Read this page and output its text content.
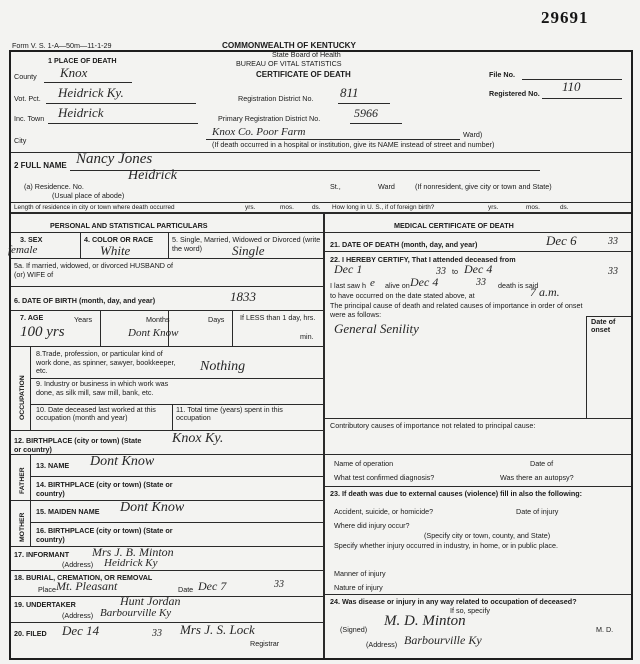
29691
Form V. S. 1-A—50m—11-1-29	COMMONWEALTH OF KENTUCKY
State Board of Health
BUREAU OF VITAL STATISTICS
CERTIFICATE OF DEATH
1 PLACE OF DEATH
County Knox
Vot. Pct. Heidrick Ky.
Inc. Town Heidrick
City
Registration District No. 811
Primary Registration District No.	5966
File No.
Registered No. 110
Knox Co. Poor Farm	Ward)
(If death occurred in a hospital or institution, give its NAME instead of street and number)
2 FULL NAME Nancy Jones
(a) Residence. No.
Heidrick
St.,	Ward	(If nonresident, give city or town and State)
(Usual place of abode)
Length of residence in city or town where death occurred	yrs.	mos.	ds. How long in U. S., if of foreign birth?	yrs.	mos.	ds.
PERSONAL AND STATISTICAL PARTICULARS	MEDICAL CERTIFICATE OF DEATH
3. SEX
female
4. COLOR OR RACE
White
5. Single, Married, Widowed or Divorced (write the word)	Single
5a. If married, widowed, or divorced HUSBAND of (or) WIFE of
6. DATE OF BIRTH (month, day, and year)	1833
7. AGE	Years	Months	Days If LESS than 1 day, hrs.
min.
100 yrs	Dont Know
OCCUPATION
8.Trade, profession, or particular kind of work done, as spinner, sawyer, bookkeeper, etc.	Nothing
9. Industry or business in which work was done, as silk mill, saw mill, bank, etc.
10. Date deceased last worked at this occupation (month and year)
11. Total time (years) spent in this occupation
12. BIRTHPLACE (city or town) (State or country)
Knox Ky.
FATHER
13. NAME Dont Know
14. BIRTHPLACE (city or town) (State or country)
MOTHER
15. MAIDEN NAME Dont Know
16. BIRTHPLACE (city or town) (State or country)
17. INFORMANT Mrs J. B. Minton
(Address) Heidrick Ky
18. BURIAL, CREMATION, OR REMOVAL
Place Mt. Pleasant	Date Dec 7	33
19. UNDERTAKER	Hunt Jordan
(Address) Barbourville Ky
20. FILED Dec 14	33 Mrs J. S. Lock
Registrar
21. DATE OF DEATH (month, day, and year)	Dec 6	33
22. I HEREBY CERTIFY, That I attended deceased from
Dec 1	to
33 Dec 4	33
I last saw h e alive on Dec 4	33 death is said
to have occurred on the date stated above, at	7 a.m.
The principal cause of death and related causes of importance in order of onset were as follows:
Date of onset
General Senility
Contributory causes of importance not related to principal cause:
Name of operation	Date of
What test confirmed diagnosis?	Was there an autopsy?
23. If death was due to external causes (violence) fill in also the following:
Accident, suicide, or homicide?	Date of injury
Where did injury occur?
(Specify city or town, county, and State)
Specify whether injury occurred in industry, in home, or in public place.
Manner of injury
Nature of injury
24. Was disease or injury in any way related to occupation of deceased?
If so, specify
(Signed)
M. D. Minton
M. D.
(Address) Barbourville Ky
